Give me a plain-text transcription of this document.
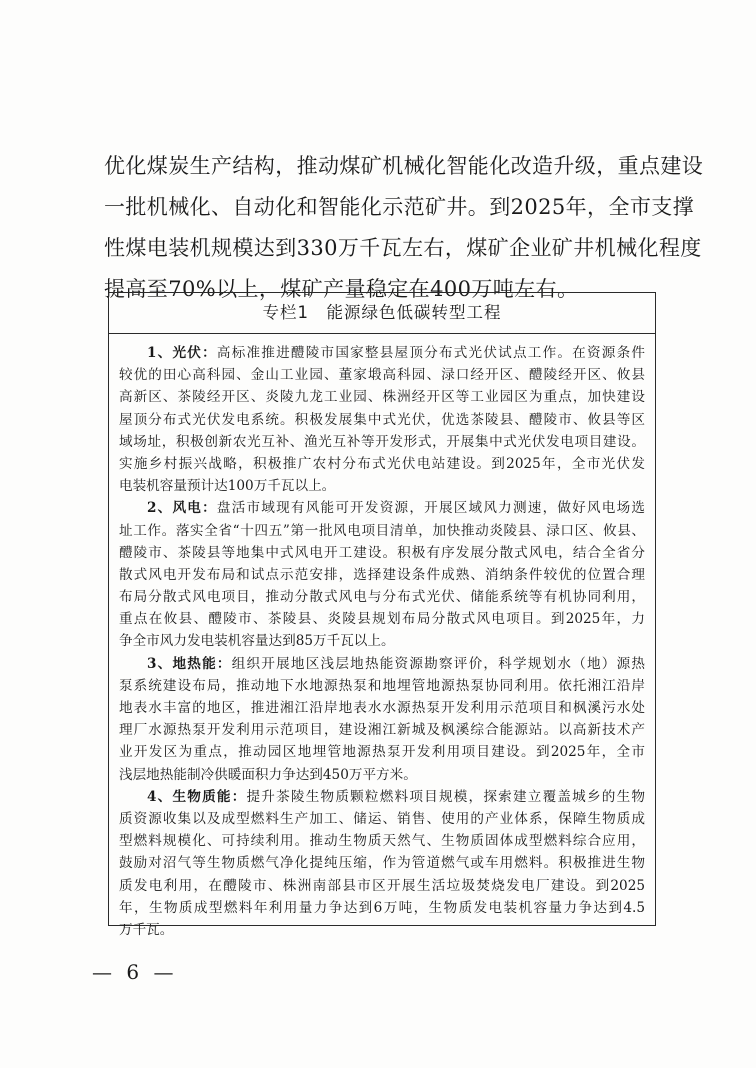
优化煤炭生产结构，推动煤矿机械化智能化改造升级，重点建设
一批机械化、自动化和智能化示范矿井。到2025年，全市支撑
性煤电装机规模达到330万千瓦左右，煤矿企业矿井机械化程度
提高至70%以上，煤矿产量稳定在400万吨左右。
专栏1　能源绿色低碳转型工程
1、光伏：高标准推进醴陵市国家整县屋顶分布式光伏试点工作。在资源条件
较优的田心高科园、金山工业园、董家塅高科园、渌口经开区、醴陵经开区、攸县
高新区、茶陵经开区、炎陵九龙工业园、株洲经开区等工业园区为重点，加快建设
屋顶分布式光伏发电系统。积极发展集中式光伏，优选茶陵县、醴陵市、攸县等区
域场址，积极创新农光互补、渔光互补等开发形式，开展集中式光伏发电项目建设。
实施乡村振兴战略，积极推广农村分布式光伏电站建设。到2025年，全市光伏发
电装机容量预计达100万千瓦以上。
2、风电：盘活市域现有风能可开发资源，开展区域风力测速，做好风电场选
址工作。落实全省“十四五”第一批风电项目清单，加快推动炎陵县、渌口区、攸县、
醴陵市、茶陵县等地集中式风电开工建设。积极有序发展分散式风电，结合全省分
散式风电开发布局和试点示范安排，选择建设条件成熟、消纳条件较优的位置合理
布局分散式风电项目，推动分散式风电与分布式光伏、储能系统等有机协同利用，
重点在攸县、醴陵市、茶陵县、炎陵县规划布局分散式风电项目。到2025年，力
争全市风力发电装机容量达到85万千瓦以上。
3、地热能：组织开展地区浅层地热能资源勘察评价，科学规划水（地）源热
泵系统建设布局，推动地下水地源热泵和地埋管地源热泵协同利用。依托湘江沿岸
地表水丰富的地区，推进湘江沿岸地表水水源热泵开发利用示范项目和枫溪污水处
理厂水源热泵开发利用示范项目，建设湘江新城及枫溪综合能源站。以高新技术产
业开发区为重点，推动园区地埋管地源热泵开发利用项目建设。到2025年，全市
浅层地热能制冷供暖面积力争达到450万平方米。
4、生物质能：提升茶陵生物质颗粒燃料项目规模，探索建立覆盖城乡的生物
质资源收集以及成型燃料生产加工、储运、销售、使用的产业体系，保障生物质成
型燃料规模化、可持续利用。推动生物质天然气、生物质固体成型燃料综合应用，
鼓励对沼气等生物质燃气净化提纯压缩，作为管道燃气或车用燃料。积极推进生物
质发电利用，在醴陵市、株洲南部县市区开展生活垃圾焚烧发电厂建设。到2025
年，生物质成型燃料年利用量力争达到6万吨，生物质发电装机容量力争达到4.5
万千瓦。
— 6 —
